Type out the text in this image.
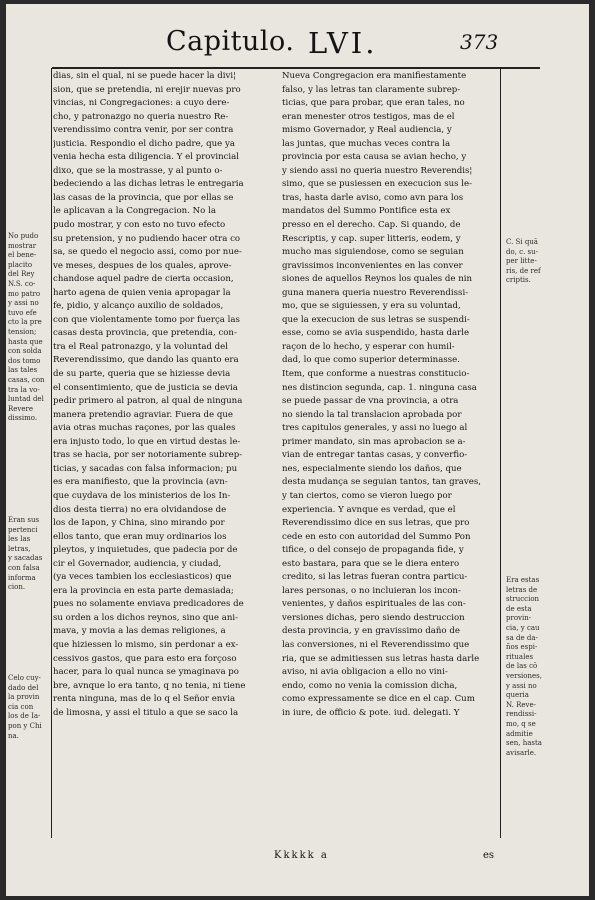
Capitulo. LVI.	373
dias, sin el qual, ni se puede hacer la divi¦
sion, que se pretendia, ni erejir nuevas pro
vincias, ni Congregaciones: a cuyo dere-
cho, y patronazgo no queria nuestro Re-
verendissimo contra venir, por ser contra
justicia. Respondio el dicho padre, que ya
venia hecha esta diligencia. Y el provincial
dixo, que se la mostrasse, y al punto o-
bedeciendo a las dichas letras le entregaria
las casas de la provincia, que por ellas se
le aplicavan a la Congregacion. No la
pudo mostrar, y con esto no tuvo efecto
su pretension, y no pudiendo hacer otra co
sa, se quedo el negocio assi, como por nue-
ve meses, despues de los quales, aprove-
chandose aquel padre de cierta occasion,
harto agena de quien venia apropagar la
fe, pidio, y alcanço auxilio de soldados,
con que violentamente tomo por fuerça las
casas desta provincia, que pretendia, con-
tra el Real patronazgo, y la voluntad del
Reverendissimo, que dando las quanto era
de su parte, queria que se hiziesse devia
el consentimiento, que de justicia se devia
pedir primero al patron, al qual de ninguna
manera pretendio agraviar. Fuera de que
avia otras muchas raçones, por las quales
era injusto todo, lo que en virtud destas le-
tras se hacia, por ser notoriamente subrep-
ticias, y sacadas con falsa informacion; pu
es era manifiesto, que la provincia (avn-
que cuydava de los ministerios de los In-
dios desta tierra) no era olvidandose de
los de Iapon, y China, sino mirando por
ellos tanto, que eran muy ordinarios los
pleytos, y inquietudes, que padecia por de
cir el Governador, audiencia, y ciudad,
(ya veces tambien los ecclesiasticos) que
era la provincia en esta parte demasiada;
pues no solamente enviava predicadores de
su orden a los dichos reynos, sino que ani-
mava, y movia a las demas religiones, a
que hiziessen lo mismo, sin perdonar a ex-
cessivos gastos, que para esto era forçoso
hacer, para lo qual nunca se ymaginava po
bre, avnque lo era tanto, q no tenia, ni tiene
renta ninguna, mas de lo q el Señor envia
de limosna, y assi el titulo a que se saco la
Nueva Congregacion era manifiestamente
falso, y las letras tan claramente subrep-
ticias, que para probar, que eran tales, no
eran menester otros testigos, mas de el
mismo Governador, y Real audiencia, y
las juntas, que muchas veces contra la
provincia por esta causa se avian hecho, y
y siendo assi no queria nuestro Reverendis¦
simo, que se pusiessen en execucion sus le-
tras, hasta darle aviso, como avn para los
mandatos del Summo Pontifice esta ex
presso en el derecho. Cap. Si quando, de
Rescriptis, y cap. super litteris, eodem, y
mucho mas siguiendose, como se seguian
gravissimos inconvenientes en las conver
siones de aquellos Reynos los quales de nin
guna manera queria nuestro Reverendissi-
mo, que se siguiessen, y era su voluntad,
que la execucion de sus letras se suspendi-
esse, como se avia suspendido, hasta darle
raçon de lo hecho, y esperar con humil-
dad, lo que como superior determinasse.
Item, que conforme a nuestras constitucio-
nes distincion segunda, cap. 1. ninguna casa
se puede passar de vna provincia, a otra
no siendo la tal translacion aprobada por
tres capitulos generales, y assi no luego al
primer mandato, sin mas aprobacion se a-
vian de entregar tantas casas, y converfio-
nes, especialmente siendo los daños, que
desta mudança se seguian tantos, tan graves,
y tan ciertos, como se vieron luego por
experiencia. Y avnque es verdad, que el
Reverendissimo dice en sus letras, que pro
cede en esto con autoridad del Summo Pon
tifice, o del consejo de propaganda fide, y
esto bastara, para que se le diera entero
credito, si las letras fueran contra particu-
lares personas, o no incluieran los incon-
venientes, y daños espirituales de las con-
versiones dichas, pero siendo destruccion
desta provincia, y en gravissimo daño de
las conversiones, ni el Reverendissimo que
ria, que se admitiessen sus letras hasta darle
aviso, ni avia obligacion a ello no vini-
endo, como no venia la comission dicha,
como expressamente se dice en el cap. Cum
in iure, de officio & pote. iud. delegati. Y
No pudo
mostrar
el bene-
placito
del Rey
N.S. co-
mo patro
y assi no
tuvo efe
cto la pre
tension;
hasta que
con solda
dos tomo
las tales
casas, con
tra la vo-
luntad del
Revere
dissimo.
Eran sus
pertenci
les las
letras,
y sacadas
con falsa
informa
cion.
Celo cuy-
dado del
la provin
cia con
los de Ia-
pon y Chi
na.
C. Si quā
do, c. su-
per litte-
ris, de ref
criptis.
Era estas
letras de
struccion
de esta
provin-
cia, y cau
sa de da-
ños espi-
rituales
de las cō
versiones,
y assi no
queria
N. Reve-
rendissi-
mo, q se
admitie
sen, hasta
avisarle.
Kkkkk a	es
